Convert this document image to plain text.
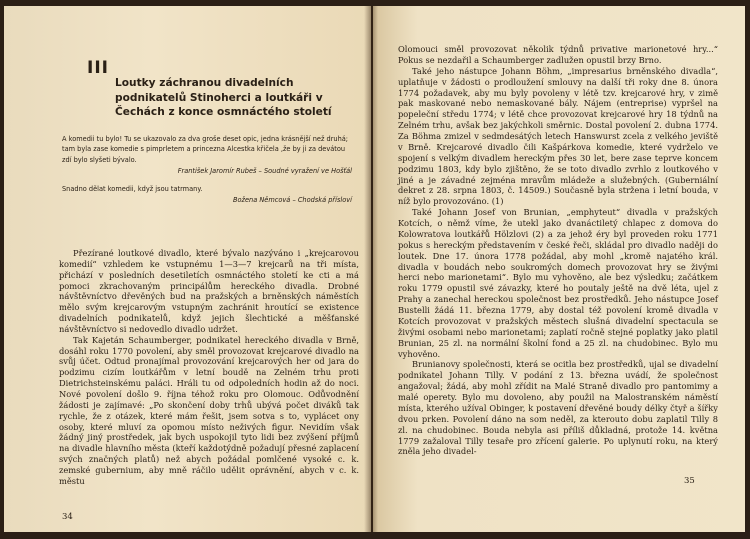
III
Loutky záchranou divadelních podnikatelů Stinoherci a loutkáři v Čechách z konce osmnáctého století

A komedii tu bylo! Tu se ukazovalo za dva groše deset opic, jedna krásnější než druhá; tam byla zase komedie s pimprletem a princezna Alcestka křičela ‚že by ji za devátou zdí bylo slyšeti bývalo.

František Jaromír Rubeš – Soudné vyražení ve Hošťál

Snadno dělat komedii, když jsou tatrmany.

Božena Němcová – Chodská přísloví

Přezírané loutkové divadlo, které bývalo nazýváno i „krejcarovou komedií“ vzhledem ke vstupnému 1—3—7 krejcarů na tři místa, přichází v posledních desetiletích osmnáctého století ke cti a má pomoci zkrachovaným principálům hereckého divadla. Drobné návštěvníctvo dřevěných bud na pražských a brněnských náměstích mělo svým krejcarovým vstupným zachránit hroutící se existence divadelních podnikatelů, když jejich šlechtické a měšťanské návštěvníctvo si nedovedlo divadlo udržet.

Tak Kajetán Schaumberger, podnikatel hereckého divadla v Brně, dosáhl roku 1770 povolení, aby směl provozovat krejcarové divadlo na svůj účet. Odtud pronajímal provozování krejcarových her od jara do podzimu cizím loutkářům v letní boudě na Zelném trhu proti Dietrichsteinskému paláci. Hráli tu od odpoledních hodin až do noci. Nové povolení došlo 9. října téhož roku pro Olomouc. Odůvodnění žádosti je zajímavé: „Po skončení doby trhů ubývá počet diváků tak rychle, že z otázek, které mám řešit, jsem sotva s to, vyplácet ony osoby, které mluví za opomou místo neživých figur. Nevidím však žádný jiný prostředek, jak bych uspokojil tyto lidi bez zvýšení příjmů na divadle hlavního města (kteří každotýdně požadují přesné zaplacení svých značných platů) než abych požádal pomlčené vysoké c. k. zemské gubernium, aby mně ráčilo udělit oprávnění, abych v c. k. městu

34

Olomouci směl provozovat několik týdnů privative marionetové hry...“ Pokus se nezdařil a Schaumberger zadlužen opustil brzy Brno.

Také jeho nástupce Johann Böhm, „impresarius brněnského divadla“, uplatňuje v žádosti o prodloužení smlouvy na další tři roky dne 8. února 1774 požadavek, aby mu byly povoleny v létě tzv. krejcarové hry, v zimě pak maskované nebo nemaskované bály. Nájem (entreprise) vypršel na popeleční středu 1774; v létě chce provozovat krejcarové hry 18 týdnů na Zelném trhu, avšak bez jakýchkoli směrnic. Dostal povolení 2. dubna 1774. Za Böhma zmizel v sedmdesátých letech Hanswurst zcela z velkého jeviště v Brně. Krejcarové divadlo čili Kašpárkova komedie, které vydrželo ve spojení s velkým divadlem hereckým přes 30 let, bere zase teprve koncem podzimu 1803, kdy bylo zjištěno, že se toto divadlo zvrhlo z loutkového v jiné a je závadné zejména mravům mládeže a služebných. (Guberniální dekret z 28. srpna 1803, č. 14509.) Současně byla stržena i letní bouda, v níž bylo provozováno. (1)

Také Johann Josef von Brunian, „emphyteut“ divadla v pražských Kotcích, o němž víme, že utekl jako dvanáctiletý chlapec z domova do Kolowratova loutkářů Hölzlovi (2) a za jehož éry byl proveden roku 1771 pokus s hereckým představením v české řeči, skládal pro divadlo naději do loutek. Dne 17. února 1778 požádal, aby mohl „kromě najatého král. divadla v boudách nebo soukromých domech provozovat hry se živými herci nebo marionetami“. Bylo mu vyhověno, ale bez výsledku; začátkem roku 1779 opustil své závazky, které ho poutaly ještě na dvě léta, ujel z Prahy a zanechal hereckou společnost bez prostředků. Jeho nástupce Josef Bustelli žádá 11. března 1779, aby dostal též povolení kromě divadla v Kotcích provozovat v pražských městech slušná divadelní spectacula se živými osobami nebo marionetami; zaplatí ročně stejné poplatky jako platil Brunian, 25 zl. na normální školní fond a 25 zl. na chudobinec. Bylo mu vyhověno.

Brunianovy společnosti, která se ocitla bez prostředků, ujal se divadelní podnikatel Johann Tilly. V podání z 13. března uvádí, že společnost angažoval; žádá, aby mohl zřídit na Malé Straně divadlo pro pantomimy a malé operety. Bylo mu dovoleno, aby použil na Malostranském náměstí místa, kterého užíval Obinger, k postavení dřevěné boudy délky čtyř a šířky dvou prken. Povolení dáno na som neděl, za kterouto dobu zaplatil Tilly 8 zl. na chudobinec. Bouda nebyla asi příliš důkladná, protože 14. května 1779 zažaloval Tilly tesaře pro zřícení galerie. Po uplynutí roku, na který zněla jeho divadel-

35
